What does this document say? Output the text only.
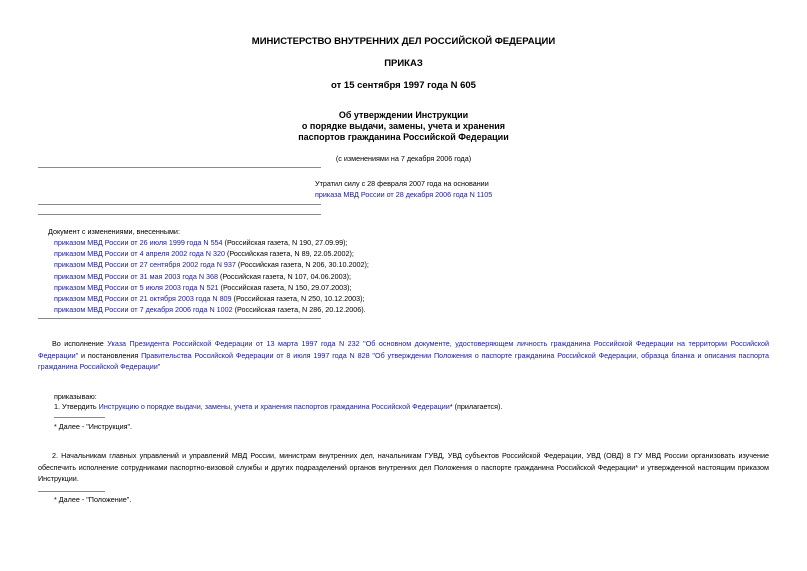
МИНИСТЕРСТВО ВНУТРЕННИХ ДЕЛ РОССИЙСКОЙ ФЕДЕРАЦИИ
ПРИКАЗ
от 15 сентября 1997 года N 605
Об утверждении Инструкции
о порядке выдачи, замены, учета и хранения
паспортов гражданина Российской Федерации
(с изменениями на 7 декабря 2006 года)
Утратил силу с 28 февраля 2007 года на основании
приказа МВД России от 28 декабря 2006 года N 1105
Документ с изменениями, внесенными:
приказом МВД России от 26 июля 1999 года N 554 (Российская газета, N 190, 27.09.99);
приказом МВД России от 4 апреля 2002 года N 320 (Российская газета, N 89, 22.05.2002);
приказом МВД России от 27 сентября 2002 года N 937 (Российская газета, N 206, 30.10.2002);
приказом МВД России от 31 мая 2003 года N 368 (Российская газета, N 107, 04.06.2003);
приказом МВД России от 5 июля 2003 года N 521 (Российская газета, N 150, 29.07.2003);
приказом МВД России от 21 октября 2003 года N 809 (Российская газета, N 250, 10.12.2003);
приказом МВД России от 7 декабря 2006 года N 1002 (Российская газета, N 286, 20.12.2006).
Во исполнение Указа Президента Российской Федерации от 13 марта 1997 года N 232 "Об основном документе, удостоверяющем личность гражданина Российской Федерации на территории Российской Федерации" и постановления Правительства Российской Федерации от 8 июля 1997 года N 828 "Об утверждении Положения о паспорте гражданина Российской Федерации, образца бланка и описания паспорта гражданина Российской Федерации"
приказываю:
1. Утвердить Инструкцию о порядке выдачи, замены, учета и хранения паспортов гражданина Российской Федерации* (прилагается).
* Далее - "Инструкция".
2. Начальникам главных управлений и управлений МВД России, министрам внутренних дел, начальникам ГУВД, УВД субъектов Российской Федерации, УВД (ОВД) 8 ГУ МВД России организовать изучение обеспечить исполнение сотрудниками паспортно-визовой службы и других подразделений органов внутренних дел Положения о паспорте гражданина Российской Федерации* и утвержденной настоящим приказом Инструкции.
* Далее - "Положение".
